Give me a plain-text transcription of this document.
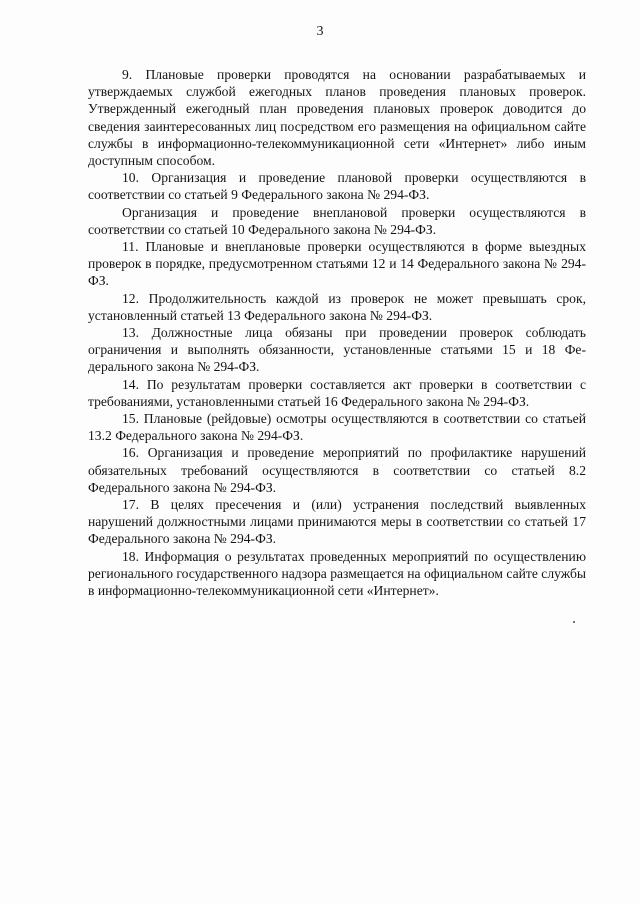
3

9. Плановые проверки проводятся на основании разрабатываемых и утверждаемых службой ежегодных планов проведения плановых проверок. Утвержденный ежегодный план проведения плановых проверок доводится до сведения заинтересованных лиц посредством его размещения на официальном сайте службы в информационно-телекоммуникационной сети «Интернет» либо иным доступным способом.

10. Организация и проведение плановой проверки осуществляются в соответствии со статьей 9 Федерального закона № 294-ФЗ.

Организация и проведение внеплановой проверки осуществляются в соответствии со статьей 10 Федерального закона № 294-ФЗ.

11. Плановые и внеплановые проверки осуществляются в форме выездных проверок в порядке, предусмотренном статьями 12 и 14 Федерального закона № 294-ФЗ.

12. Продолжительность каждой из проверок не может превышать срок, установленный статьей 13 Федерального закона № 294-ФЗ.

13. Должностные лица обязаны при проведении проверок соблюдать ограничения и выполнять обязанности, установленные статьями 15 и 18 Федерального закона № 294-ФЗ.

14. По результатам проверки составляется акт проверки в соответствии с требованиями, установленными статьей 16 Федерального закона № 294-ФЗ.

15. Плановые (рейдовые) осмотры осуществляются в соответствии со статьей 13.2 Федерального закона № 294-ФЗ.

16. Организация и проведение мероприятий по профилактике нарушений обязательных требований осуществляются в соответствии со статьей 8.2 Федерального закона № 294-ФЗ.

17. В целях пресечения и (или) устранения последствий выявленных нарушений должностными лицами принимаются меры в соответствии со статьей 17 Федерального закона № 294-ФЗ.

18. Информация о результатах проведенных мероприятий по осуществлению регионального государственного надзора размещается на официальном сайте службы в информационно-телекоммуникационной сети «Интернет».
